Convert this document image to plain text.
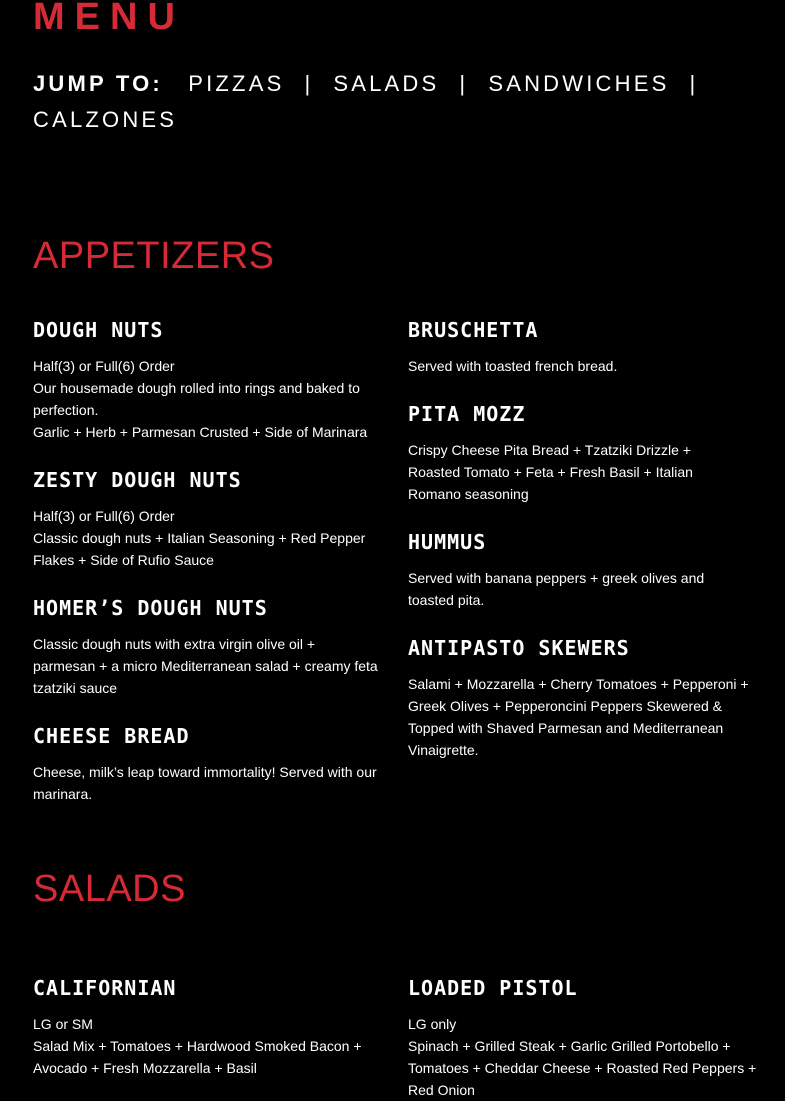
MENU
JUMP TO: PIZZAS | SALADS | SANDWICHES |
CALZONES
APPETIZERS
DOUGH NUTS

Half(3) or Full(6) Order
Our housemade dough rolled into rings and baked to perfection.
Garlic + Herb + Parmesan Crusted + Side of Marinara

ZESTY DOUGH NUTS

Half(3) or Full(6) Order
Classic dough nuts + Italian Seasoning + Red Pepper Flakes + Side of Rufio Sauce

HOMER’S DOUGH NUTS

Classic dough nuts with extra virgin olive oil + parmesan + a micro Mediterranean salad + creamy feta tzatziki sauce

CHEESE BREAD

Cheese, milk’s leap toward immortality! Served with our marinara.

BRUSCHETTA

Served with toasted french bread.

PITA MOZZ

Crispy Cheese Pita Bread + Tzatziki Drizzle + Roasted Tomato + Feta + Fresh Basil + Italian Romano seasoning

HUMMUS

Served with banana peppers + greek olives and toasted pita.

ANTIPASTO SKEWERS

Salami + Mozzarella + Cherry Tomatoes + Pepperoni + Greek Olives + Pepperoncini Peppers Skewered & Topped with Shaved Parmesan and Mediterranean Vinaigrette.

SALADS
CALIFORNIAN

LG or SM
Salad Mix + Tomatoes + Hardwood Smoked Bacon + Avocado + Fresh Mozzarella + Basil

LOADED PISTOL

LG only
Spinach + Grilled Steak + Garlic Grilled Portobello + Tomatoes + Cheddar Cheese + Roasted Red Peppers + Red Onion
